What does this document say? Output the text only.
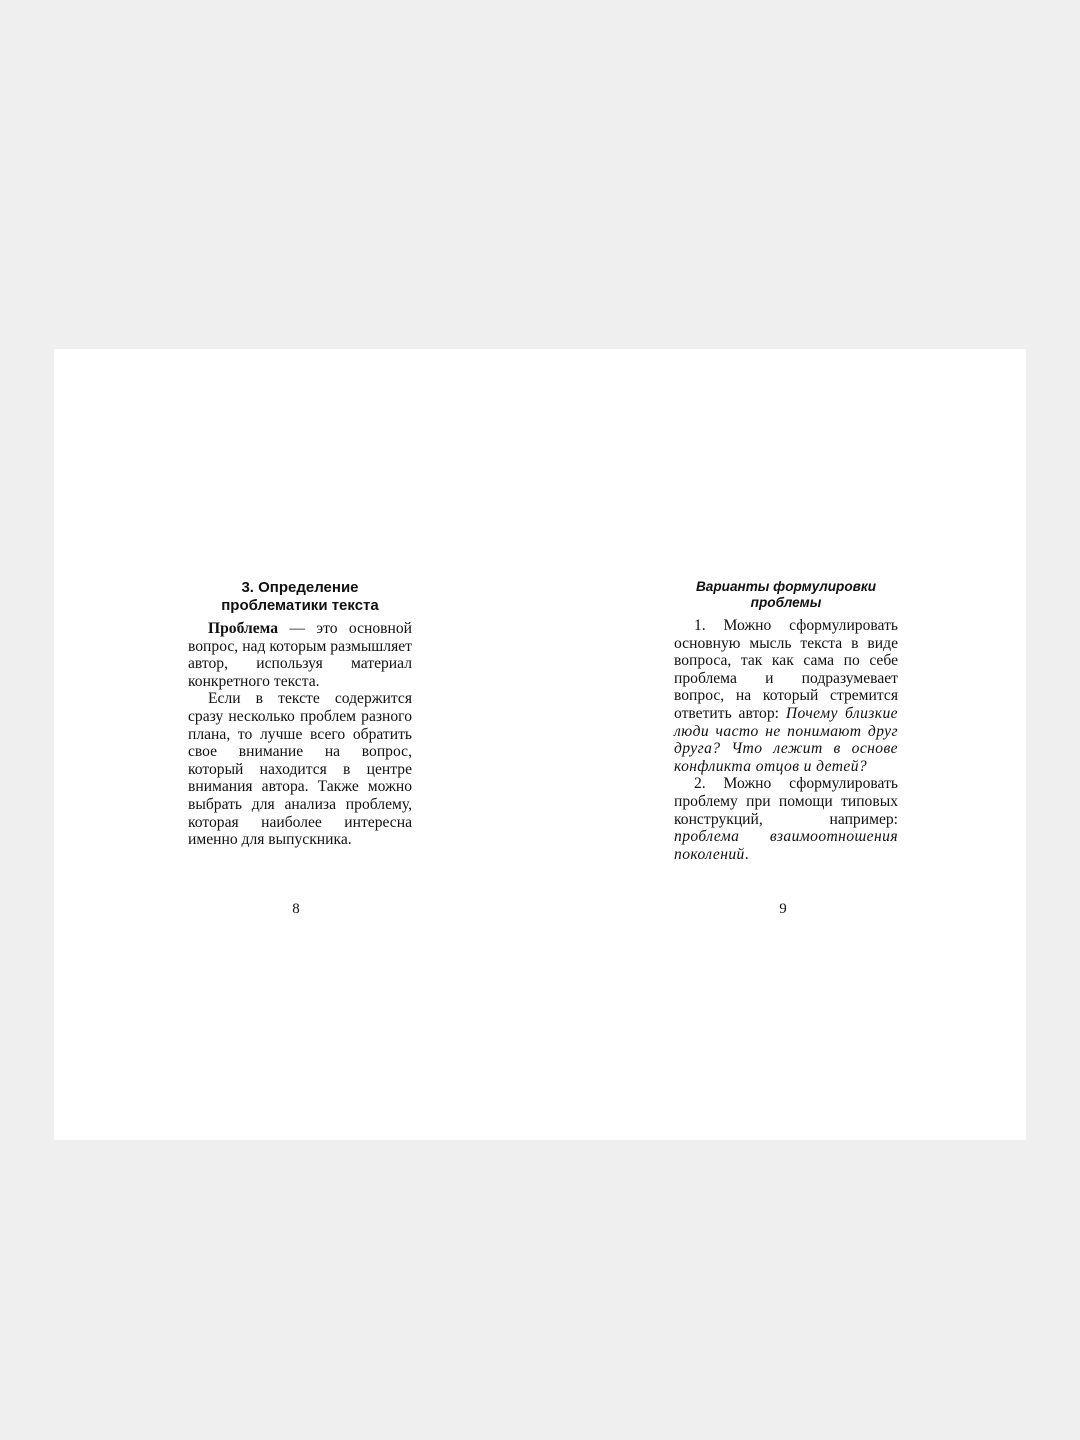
3. Определение
проблематики текста

Проблема — это основной вопрос, над которым размышляет автор, используя материал конкретного текста.

Если в тексте содержится сразу несколько проблем разного плана, то лучше всего обратить свое внимание на вопрос, который находится в центре внимания автора. Также можно выбрать для анализа проблему, которая наиболее интересна именно для выпускника.

Варианты формулировки
проблемы

1. Можно сформулировать основную мысль текста в виде вопроса, так как сама по себе проблема и подразумевает вопрос, на который стремится ответить автор: Почему близкие люди часто не понимают друг друга? Что лежит в основе конфликта отцов и детей?

2. Можно сформулировать проблему при помощи типовых конструкций, например: проблема взаимоотношения поколений.

8	9
